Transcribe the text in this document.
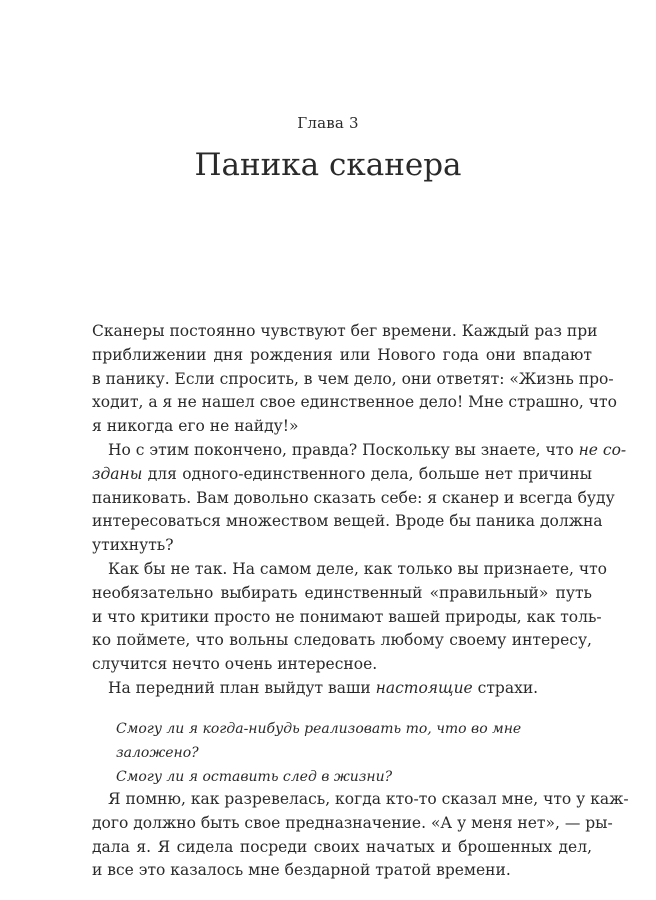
Глава 3
Паника сканера

Сканеры постоянно чувствуют бег времени. Каждый раз при
приближении дня рождения или Нового года они впадают
в панику. Если спросить, в чем дело, они ответят: «Жизнь про-
ходит, а я не нашел свое единственное дело! Мне страшно, что
я никогда его не найду!»

Но с этим покончено, правда? Поскольку вы знаете, что не со-
зданы для одного-единственного дела, больше нет причины
паниковать. Вам довольно сказать себе: я сканер и всегда буду
интересоваться множеством вещей. Вроде бы паника должна
утихнуть?

Как бы не так. На самом деле, как только вы признаете, что
необязательно выбирать единственный «правильный» путь
и что критики просто не понимают вашей природы, как толь-
ко поймете, что вольны следовать любому своему интересу,
случится нечто очень интересное.

На передний план выйдут ваши настоящие страхи.

Смогу ли я когда-нибудь реализовать то, что во мне заложено?

Смогу ли я оставить след в жизни?

Я помню, как разревелась, когда кто-то сказал мне, что у каж-
дого должно быть свое предназначение. «А у меня нет», — ры-
дала я. Я сидела посреди своих начатых и брошенных дел,
и все это казалось мне бездарной тратой времени.
